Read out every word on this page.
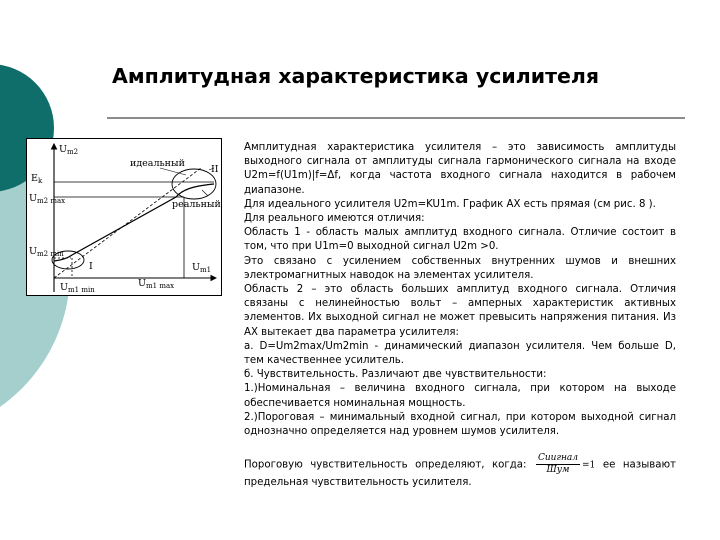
Амплитудная характеристика усилителя
$U_{m2}$
$E_k$
$U_{m2 max}$
$U_{m2 min}$
$U_{m1}$
$U_{m1 min}$
$U_{m1 max}$
идеальный
реальный
I
II

Амплитудная характеристика усилителя – это зависимость амплитуды выходного сигнала от амплитуды сигнала гармонического сигнала на входе U2m=f(U1m)|f=Δf, когда частота входного сигнала находится в рабочем диапазоне.

Для идеального усилителя U2m=KU1m. График АХ есть прямая (см рис. 8 ).

Для реального имеются отличия:

Область 1 - область малых амплитуд входного сигнала. Отличие состоит в том, что при U1m=0 выходной сигнал U2m >0.

Это связано с усилением собственных внутренних шумов и внешних электромагнитных наводок на элементах усилителя.

Область 2 – это область больших амплитуд входного сигнала. Отличия связаны с нелинейностью вольт – амперных характеристик активных элементов. Их выходной сигнал не может превысить напряжения питания. Из АХ вытекает два параметра усилителя:

а. D=Um2max/Um2min - динамический диапазон усилителя. Чем больше D, тем качественнее усилитель.

б. Чувствительность. Различают две чувствительности:

1.)Номинальная – величина входного сигнала, при котором на выходе обеспечивается номинальная мощность.

2.)Пороговая – минимальный входной сигнал, при котором выходной сигнал однозначно определяется над уровнем шумов усилителя.

Пороговую чувствительность определяют, когда: $\frac{\text{Сиигнал}}{\text{Шум}} =1$ ее называют предельная чувствительность усилителя.
